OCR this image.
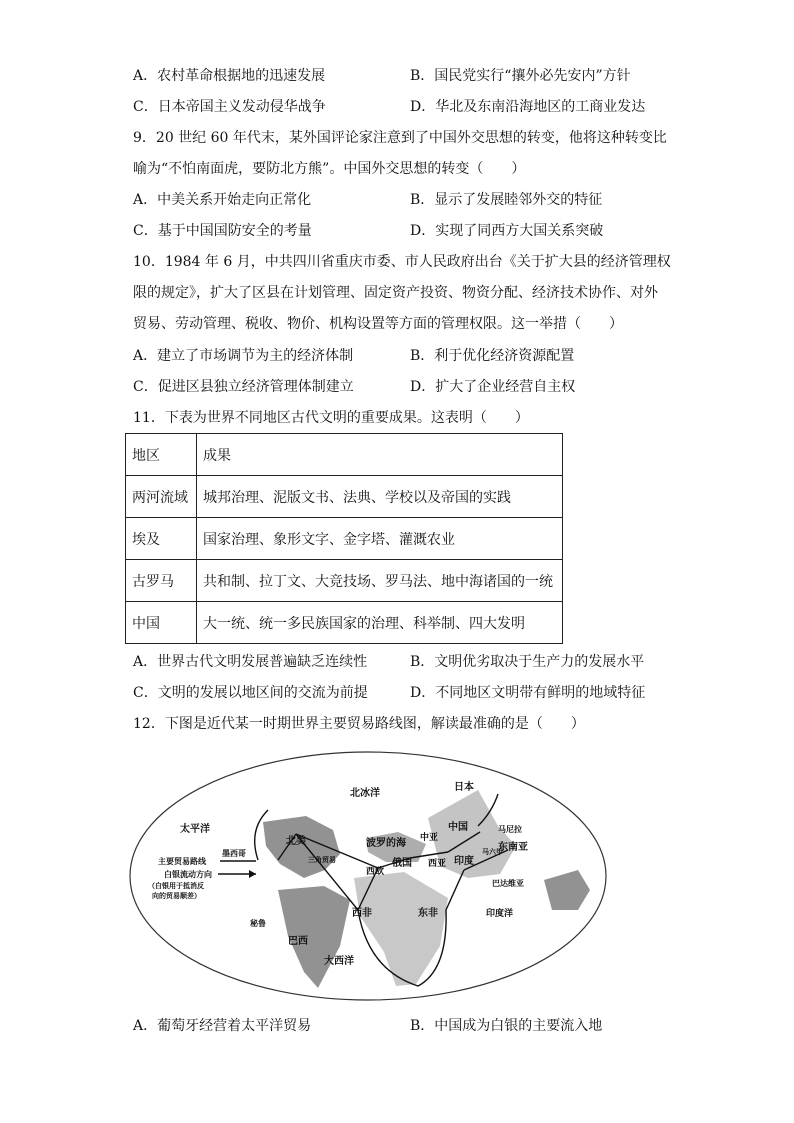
A．农村革命根据地的迅速发展	B．国民党实行“攘外必先安内”方针
C．日本帝国主义发动侵华战争	D．华北及东南沿海地区的工商业发达
9．20 世纪 60 年代末，某外国评论家注意到了中国外交思想的转变，他将这种转变比
喻为“不怕南面虎，要防北方熊”。中国外交思想的转变（　　）
A．中美关系开始走向正常化	B．显示了发展睦邻外交的特征
C．基于中国国防安全的考量	D．实现了同西方大国关系突破
10．1984 年 6 月，中共四川省重庆市委、市人民政府出台《关于扩大县的经济管理权
限的规定》，扩大了区县在计划管理、固定资产投资、物资分配、经济技术协作、对外
贸易、劳动管理、税收、物价、机构设置等方面的管理权限。这一举措（　　）
A．建立了市场调节为主的经济体制	B．利于优化经济资源配置
C．促进区县独立经济管理体制建立	D．扩大了企业经营自主权
11．下表为世界不同地区古代文明的重要成果。这表明（　　）
地区	成果
两河流域	城邦治理、泥版文书、法典、学校以及帝国的实践
埃及	国家治理、象形文字、金字塔、灌溉农业
古罗马	共和制、拉丁文、大竞技场、罗马法、地中海诸国的一统
中国	大一统、统一多民族国家的治理、科举制、四大发明
A．世界古代文明发展普遍缺乏连续性	B．文明优劣取决于生产力的发展水平
C．文明的发展以地区间的交流为前提	D．不同地区文明带有鲜明的地域特征
12．下图是近代某一时期世界主要贸易路线图，解读最准确的是（　　）
北冰洋
日本
太平洋
北美
三角贸易
波罗的海 中亚
中国	马尼拉
墨西哥
俄国 西亚 印度
马六甲
东南亚
西欧
巴达维亚
秘鲁
西非	东非	印度洋
巴西
大西洋
主要贸易路线
白银流动方向
（白银用于抵消反
向的贸易顺差）
A．葡萄牙经营着太平洋贸易	B．中国成为白银的主要流入地
